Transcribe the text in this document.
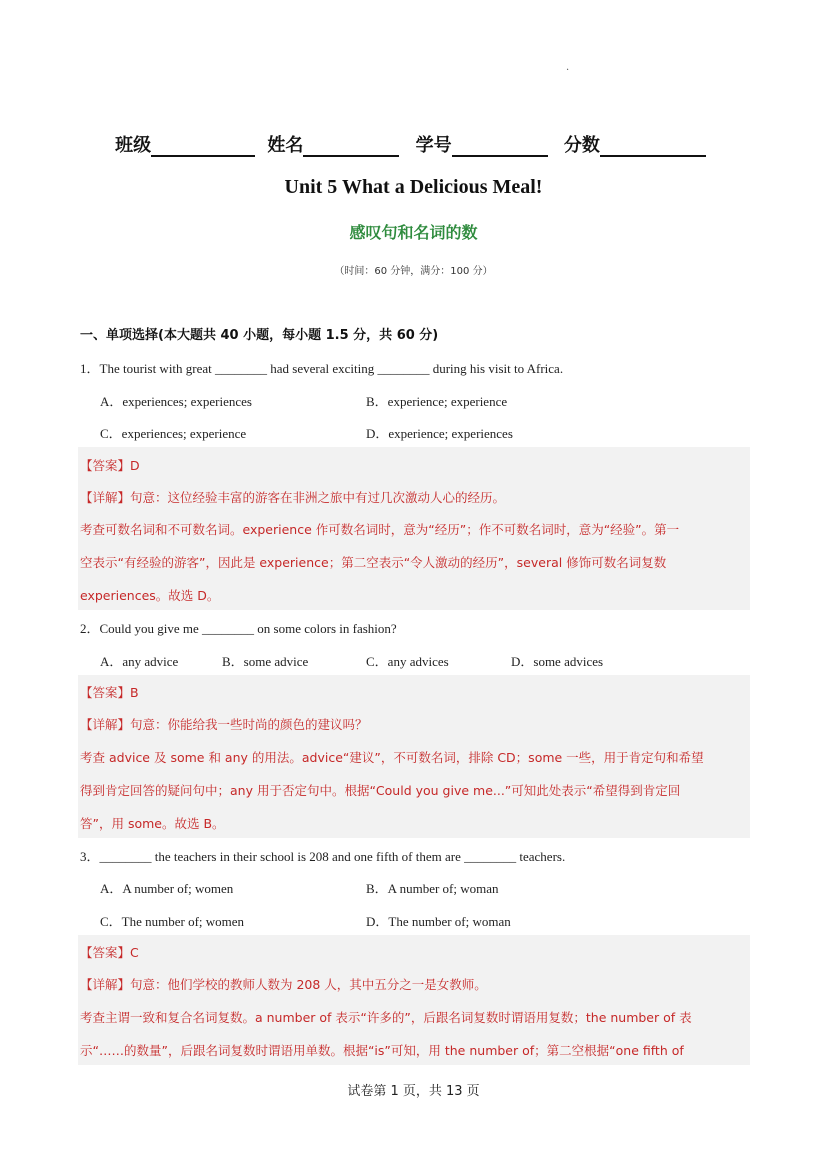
.
班级	姓名	学号	分数
Unit 5 What a Delicious Meal!
感叹句和名词的数
（时间：60 分钟，满分：100 分）
一、单项选择(本大题共 40 小题，每小题 1.5 分，共 60 分)
1．The tourist with great ________ had several exciting ________ during his visit to Africa.
A．experiences; experiences	B．experience; experience
C．experiences; experience	D．experience; experiences
【答案】D
【详解】句意：这位经验丰富的游客在非洲之旅中有过几次激动人心的经历。
考查可数名词和不可数名词。experience 作可数名词时，意为“经历”；作不可数名词时，意为“经验”。第一
空表示“有经验的游客”，因此是 experience；第二空表示“令人激动的经历”，several 修饰可数名词复数
experiences。故选 D。
2．Could you give me ________ on some colors in fashion?
A．any advice	B．some advice	C．any advices	D．some advices
【答案】B
【详解】句意：你能给我一些时尚的颜色的建议吗？
考查 advice 及 some 和 any 的用法。advice“建议”，不可数名词，排除 CD；some 一些，用于肯定句和希望
得到肯定回答的疑问句中；any 用于否定句中。根据“Could you give me...”可知此处表示“希望得到肯定回
答”，用 some。故选 B。
3．________ the teachers in their school is 208 and one fifth of them are ________ teachers.
A．A number of; women	B．A number of; woman
C．The number of; women	D．The number of; woman
【答案】C
【详解】句意：他们学校的教师人数为 208 人，其中五分之一是女教师。
考查主谓一致和复合名词复数。a number of 表示“许多的”，后跟名词复数时谓语用复数；the number of 表
示“……的数量”，后跟名词复数时谓语用单数。根据“is”可知，用 the number of；第二空根据“one fifth of
试卷第 1 页，共 13 页
